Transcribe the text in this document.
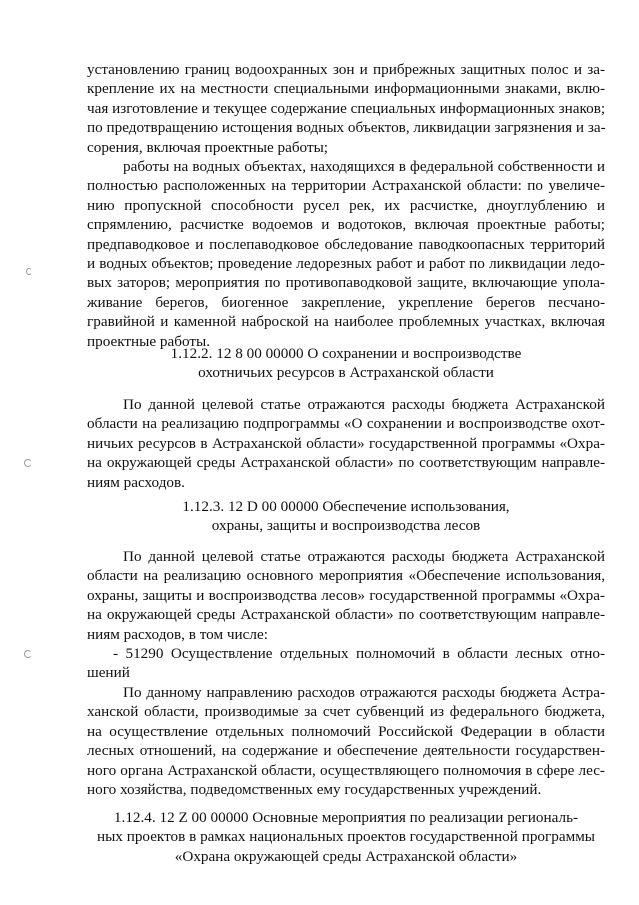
установлению границ водоохранных зон и прибрежных защитных полос и за-
крепление их на местности специальными информационными знаками, вклю-
чая изготовление и текущее содержание специальных информационных знаков;
по предотвращению истощения водных объектов, ликвидации загрязнения и за-
сорения, включая проектные работы;
работы на водных объектах, находящихся в федеральной собственности и
полностью расположенных на территории Астраханской области: по увеличе-
нию пропускной способности русел рек, их расчистке, дноуглублению и
спрямлению, расчистке водоемов и водотоков, включая проектные работы;
предпаводковое и послепаводковое обследование паводкоопасных территорий
и водных объектов; проведение ледорезных работ и работ по ликвидации ледо-
вых заторов; мероприятия по противопаводковой защите, включающие упола-
живание берегов, биогенное закрепление, укрепление берегов песчано-
гравийной и каменной наброской на наиболее проблемных участках, включая
проектные работы.
1.12.2. 12 8 00 00000 О сохранении и воспроизводстве
охотничьих ресурсов в Астраханской области
По данной целевой статье отражаются расходы бюджета Астраханской
области на реализацию подпрограммы «О сохранении и воспроизводстве охот-
ничьих ресурсов в Астраханской области» государственной программы «Охра-
на окружающей среды Астраханской области» по соответствующим направле-
ниям расходов.
1.12.3. 12 D 00 00000 Обеспечение использования,
охраны, защиты и воспроизводства лесов
По данной целевой статье отражаются расходы бюджета Астраханской
области на реализацию основного мероприятия «Обеспечение использования,
охраны, защиты и воспроизводства лесов» государственной программы «Охра-
на окружающей среды Астраханской области» по соответствующим направле-
ниям расходов, в том числе:
- 51290 Осуществление отдельных полномочий в области лесных отно-
шений
По данному направлению расходов отражаются расходы бюджета Астра-
ханской области, производимые за счет субвенций из федерального бюджета,
на осуществление отдельных полномочий Российской Федерации в области
лесных отношений, на содержание и обеспечение деятельности государствен-
ного органа Астраханской области, осуществляющего полномочия в сфере лес-
ного хозяйства, подведомственных ему государственных учреждений.
1.12.4. 12 Z 00 00000 Основные мероприятия по реализации региональ-
ных проектов в рамках национальных проектов государственной программы
«Охрана окружающей среды Астраханской области»
